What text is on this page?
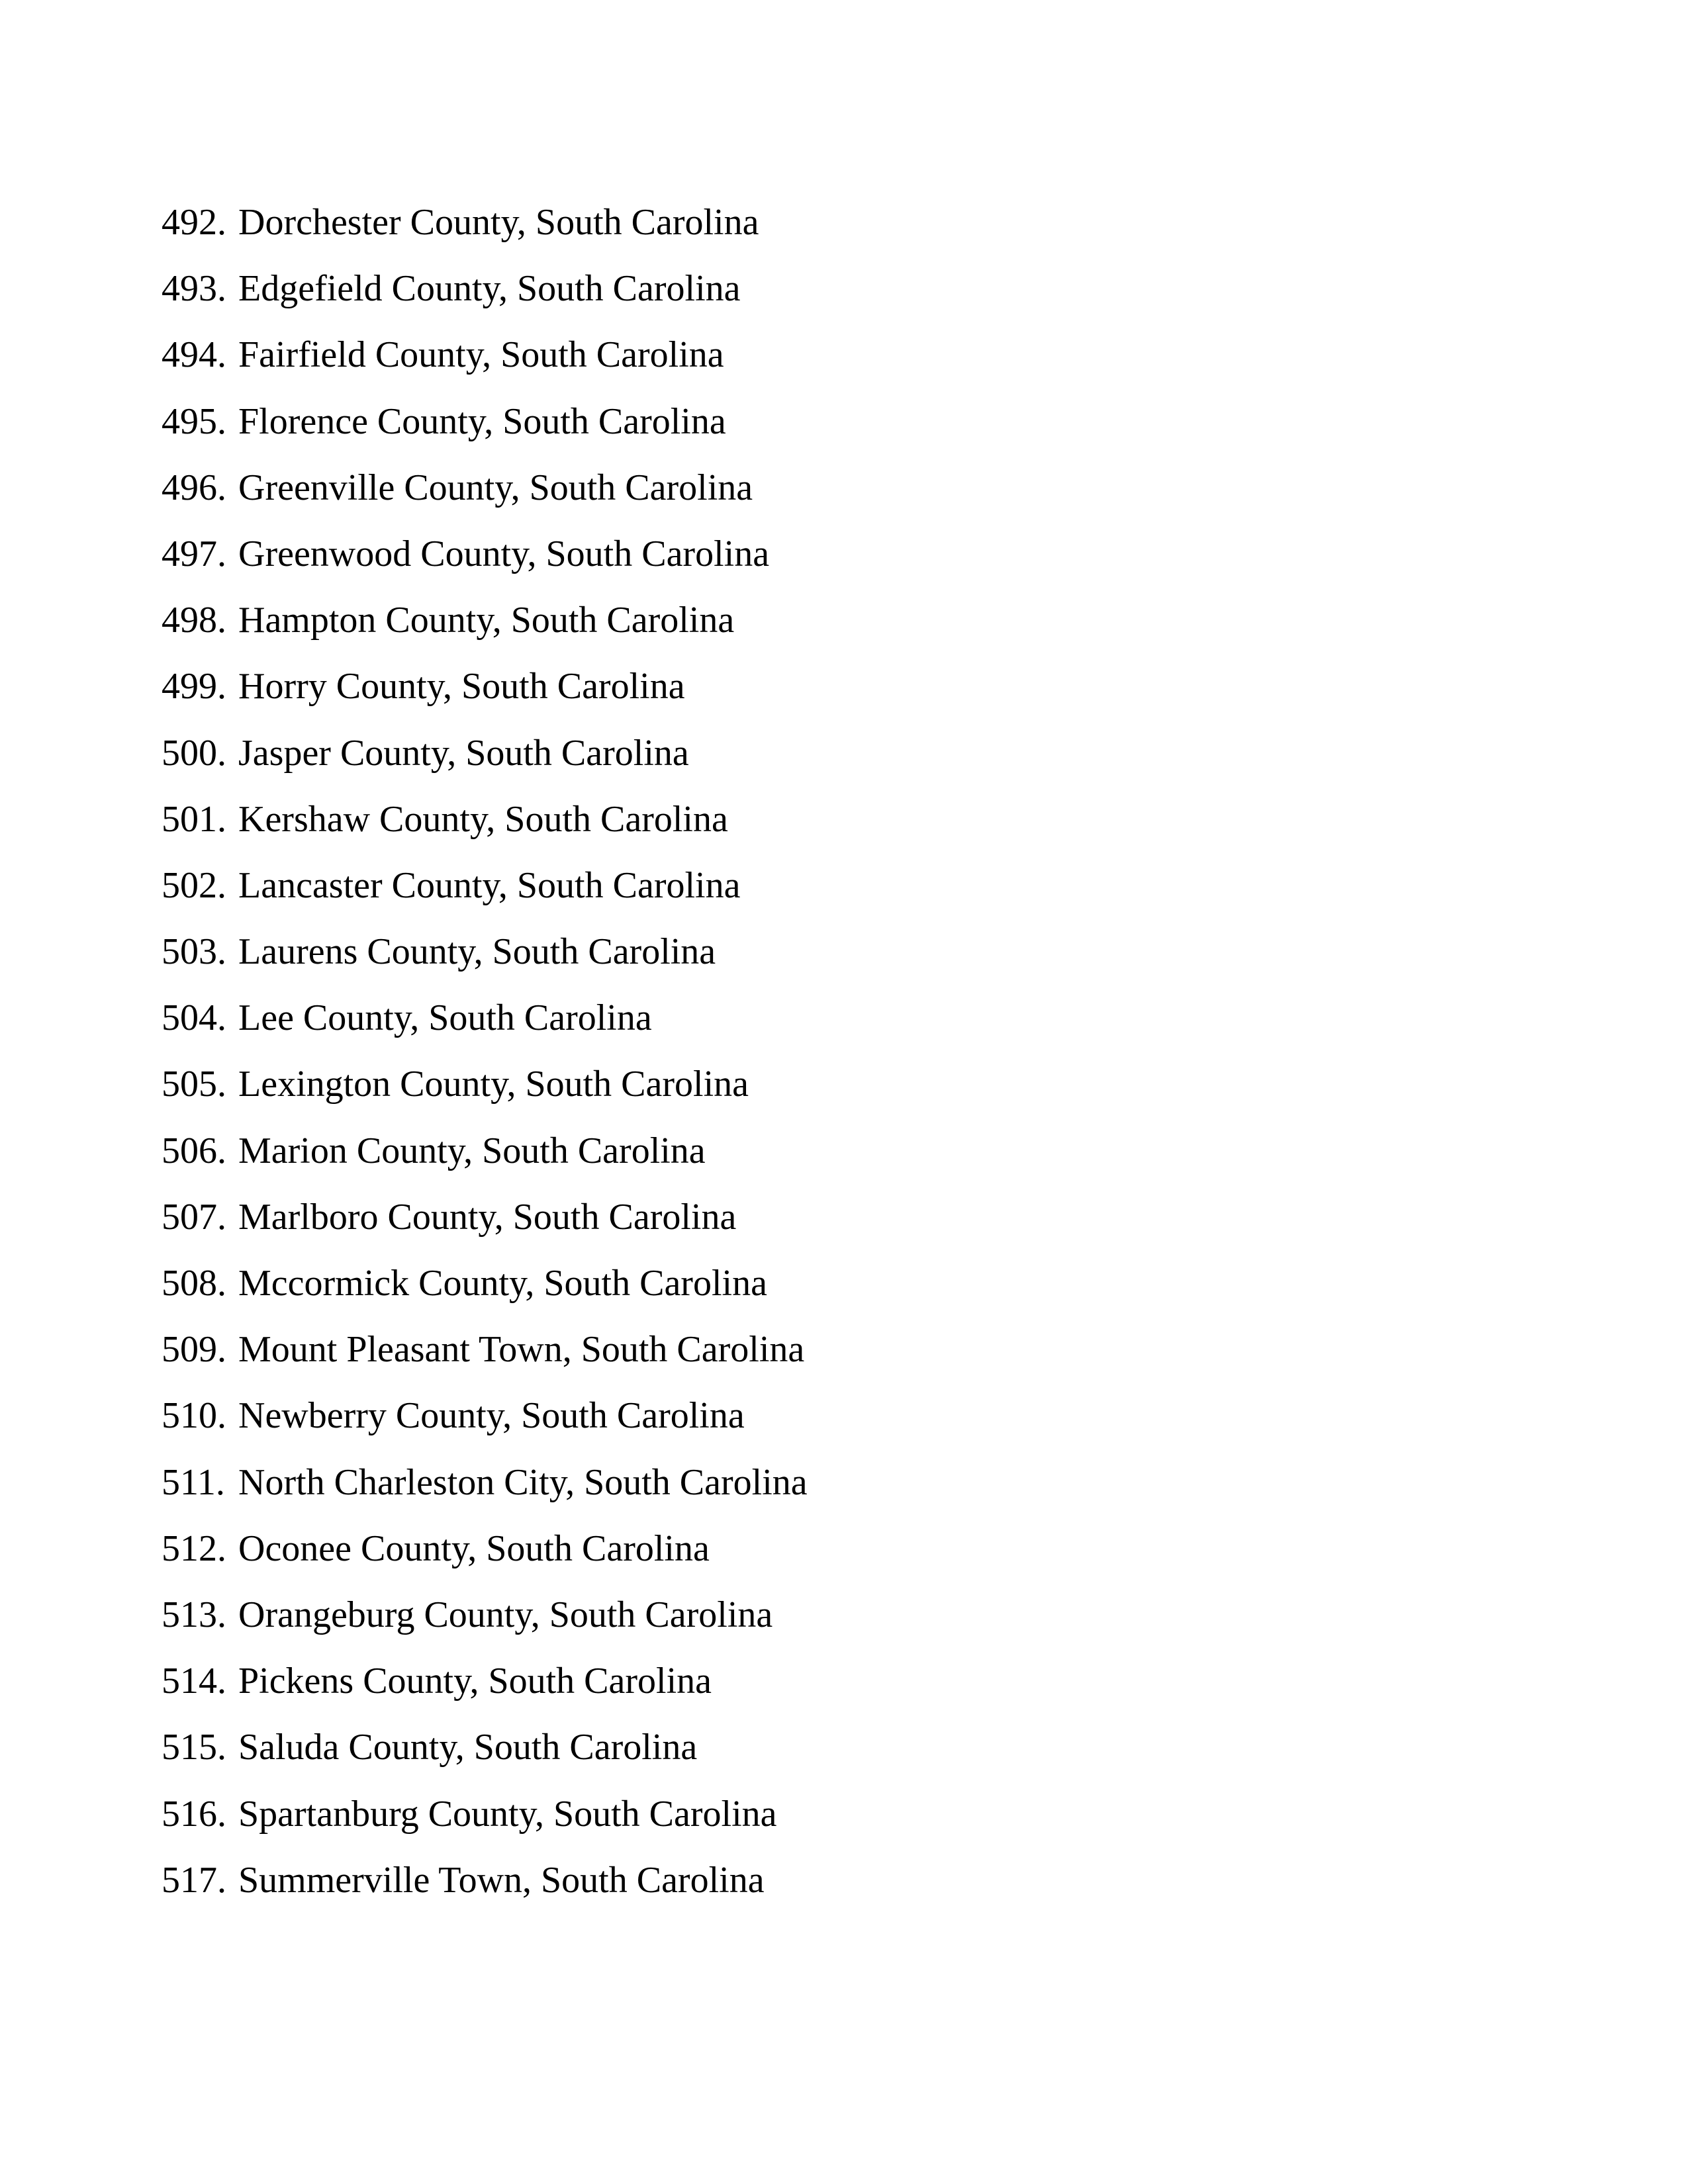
492. Dorchester County, South Carolina
493. Edgefield County, South Carolina
494. Fairfield County, South Carolina
495. Florence County, South Carolina
496. Greenville County, South Carolina
497. Greenwood County, South Carolina
498. Hampton County, South Carolina
499. Horry County, South Carolina
500. Jasper County, South Carolina
501. Kershaw County, South Carolina
502. Lancaster County, South Carolina
503. Laurens County, South Carolina
504. Lee County, South Carolina
505. Lexington County, South Carolina
506. Marion County, South Carolina
507. Marlboro County, South Carolina
508. Mccormick County, South Carolina
509. Mount Pleasant Town, South Carolina
510. Newberry County, South Carolina
511. North Charleston City, South Carolina
512. Oconee County, South Carolina
513. Orangeburg County, South Carolina
514. Pickens County, South Carolina
515. Saluda County, South Carolina
516. Spartanburg County, South Carolina
517. Summerville Town, South Carolina
